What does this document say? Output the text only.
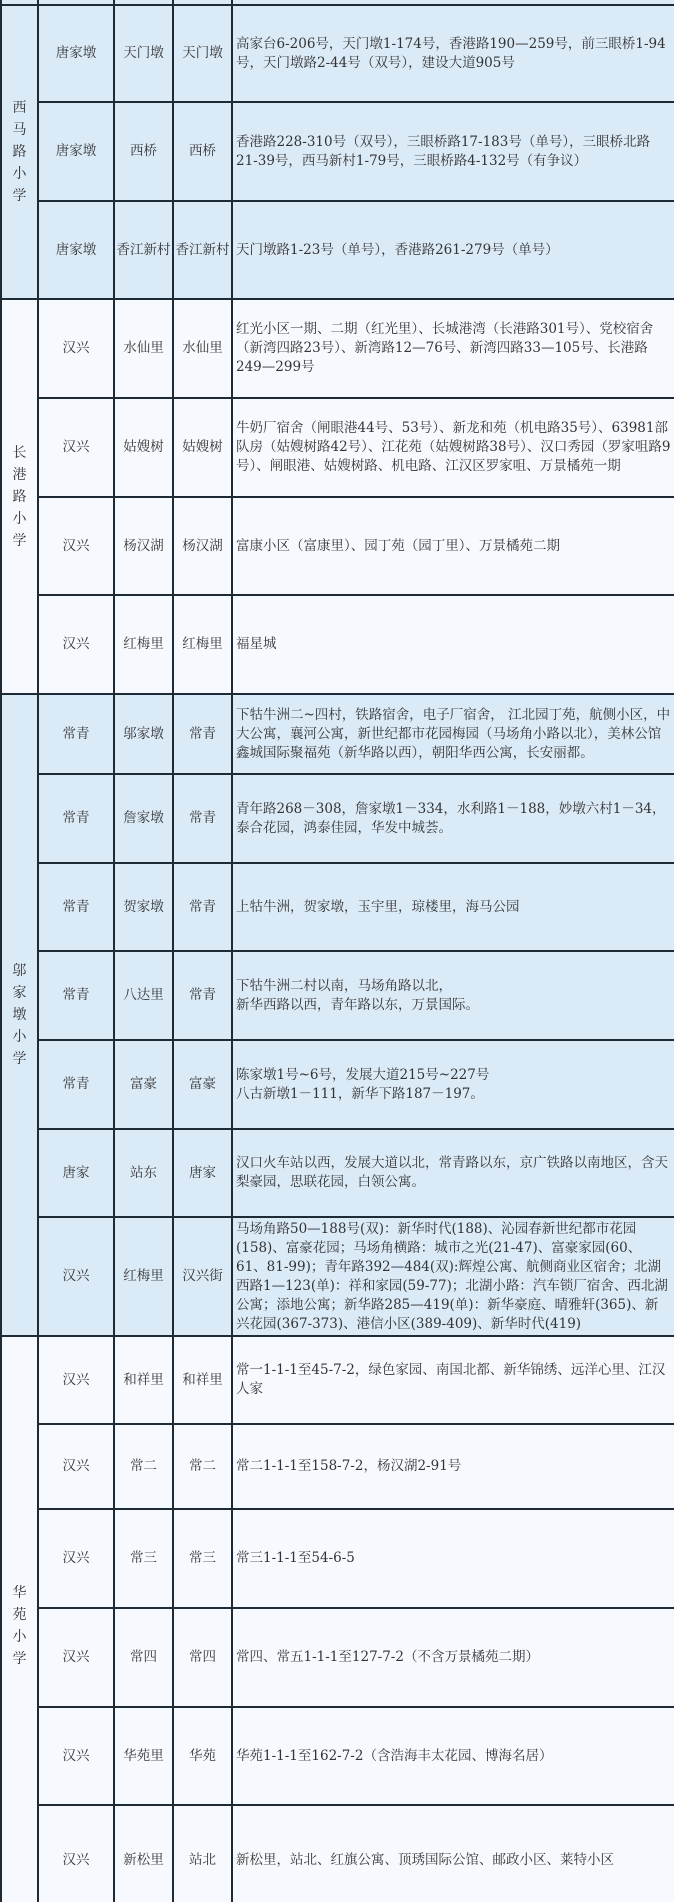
西马路小学	唐家墩	天门墩	天门墩	高家台6-206号，天门墩1-174号，香港路190—259号，前三眼桥1-94号，天门墩路2-44号（双号），建设大道905号
	唐家墩	西桥	西桥	香港路228-310号（双号），三眼桥路17-183号（单号），三眼桥北路21-39号，西马新村1-79号，三眼桥路4-132号（有争议）
	唐家墩	香江新村	香江新村	天门墩路1-23号（单号），香港路261-279号（单号）
长港路小学	汉兴	水仙里	水仙里	红光小区一期、二期（红光里）、长城港湾（长港路301号）、党校宿舍（新湾四路23号）、新湾路12—76号、新湾四路33—105号、长港路249—299号
	汉兴	姑嫂树	姑嫂树	牛奶厂宿舍（闸眼港44号、53号）、新龙和苑（机电路35号）、63981部队房（姑嫂树路42号）、江花苑（姑嫂树路38号）、汉口秀园（罗家咀路9号）、闸眼港、姑嫂树路、机电路、江汉区罗家咀、万景橘苑一期
	汉兴	杨汉湖	杨汉湖	富康小区（富康里）、园丁苑（园丁里）、万景橘苑二期
	汉兴	红梅里	红梅里	福星城
邬家墩小学	常青	邬家墩	常青	下牯牛洲二~四村，铁路宿舍，电子厂宿舍， 江北园丁苑，航侧小区，中大公寓，襄河公寓，新世纪都市花园梅园（马场角小路以北），美林公馆鑫城国际聚福苑（新华路以西），朝阳华西公寓，长安丽都。
	常青	詹家墩	常青	青年路268－308，詹家墩1－334，水利路1－188，妙墩六村1－34，泰合花园，鸿泰佳园，华发中城荟。
	常青	贺家墩	常青	上牯牛洲，贺家墩，玉宇里，琼楼里，海马公园
	常青	八达里	常青	下牯牛洲二村以南，马场角路以北，
新华西路以西，青年路以东，万景国际。
	常青	富豪	富豪	陈家墩1号~6号，发展大道215号~227号
八古新墩1－111，新华下路187－197。
	唐家	站东	唐家	汉口火车站以西，发展大道以北，常青路以东，京广铁路以南地区，含天梨豪园，思联花园，白领公寓。
	汉兴	红梅里	汉兴街	马场角路50—188号(双)：新华时代(188)、沁园春新世纪都市花园(158)、富豪花园；马场角横路：城市之光(21-47)、富豪家园(60、61、81-99)；青年路392—484(双):辉煌公寓、航侧商业区宿舍；北湖西路1—123(单)：祥和家园(59-77)；北湖小路：汽车锁厂宿舍、西北湖公寓；添地公寓；新华路285—419(单)：新华豪庭、晴雅轩(365)、新兴花园(367-373)、港信小区(389-409)、新华时代(419)
华苑小学	汉兴	和祥里	和祥里	常一1-1-1至45-7-2，绿色家园、南国北都、新华锦绣、远洋心里、江汉人家
	汉兴	常二	常二	常二1-1-1至158-7-2，杨汉湖2-91号
	汉兴	常三	常三	常三1-1-1至54-6-5
	汉兴	常四	常四	常四、常五1-1-1至127-7-2（不含万景橘苑二期）
	汉兴	华苑里	华苑	华苑1-1-1至162-7-2（含浩海丰太花园、博海名居）
	汉兴	新松里	站北	新松里，站北、红旗公寓、顶琇国际公馆、邮政小区、莱特小区
